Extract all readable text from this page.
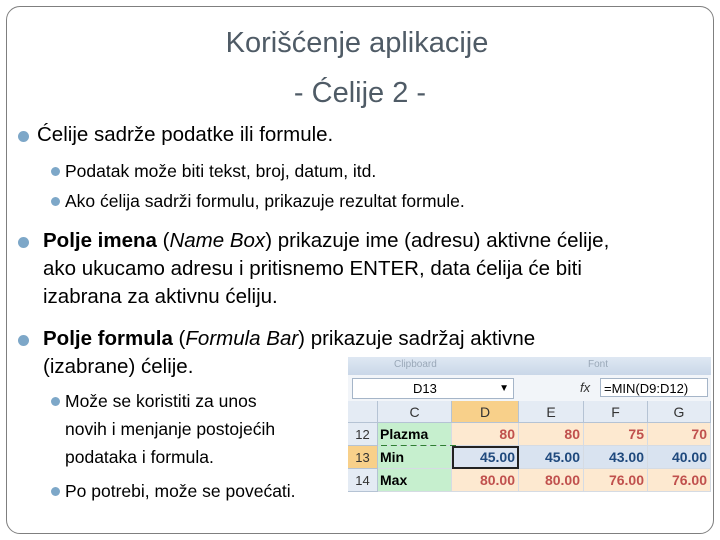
Korišćenje aplikacije
- Ćelije 2 -
Ćelije sadrže podatke ili formule.
Podatak može biti tekst, broj, datum, itd.
Ako ćelija sadrži formulu, prikazuje rezultat formule.
Polje imena (Name Box) prikazuje ime (adresu) aktivne ćelije,
ako ukucamo adresu i pritisnemo ENTER, data ćelija će biti
izabrana za aktivnu ćeliju.
Polje formula (Formula Bar) prikazuje sadržaj aktivne
(izabrane) ćelije.
Može se koristiti za unos
novih i menjanje postojećih
podataka i formula.
Po potrebi, može se povećati.
Clipboard	Font
D13	▼	fx	=MIN(D9:D12)
C	D	E	F	G
12 Plazma	80	80	75	70
13 Min	45.00	45.00	43.00	40.00
14 Max	80.00	80.00	76.00	76.00
